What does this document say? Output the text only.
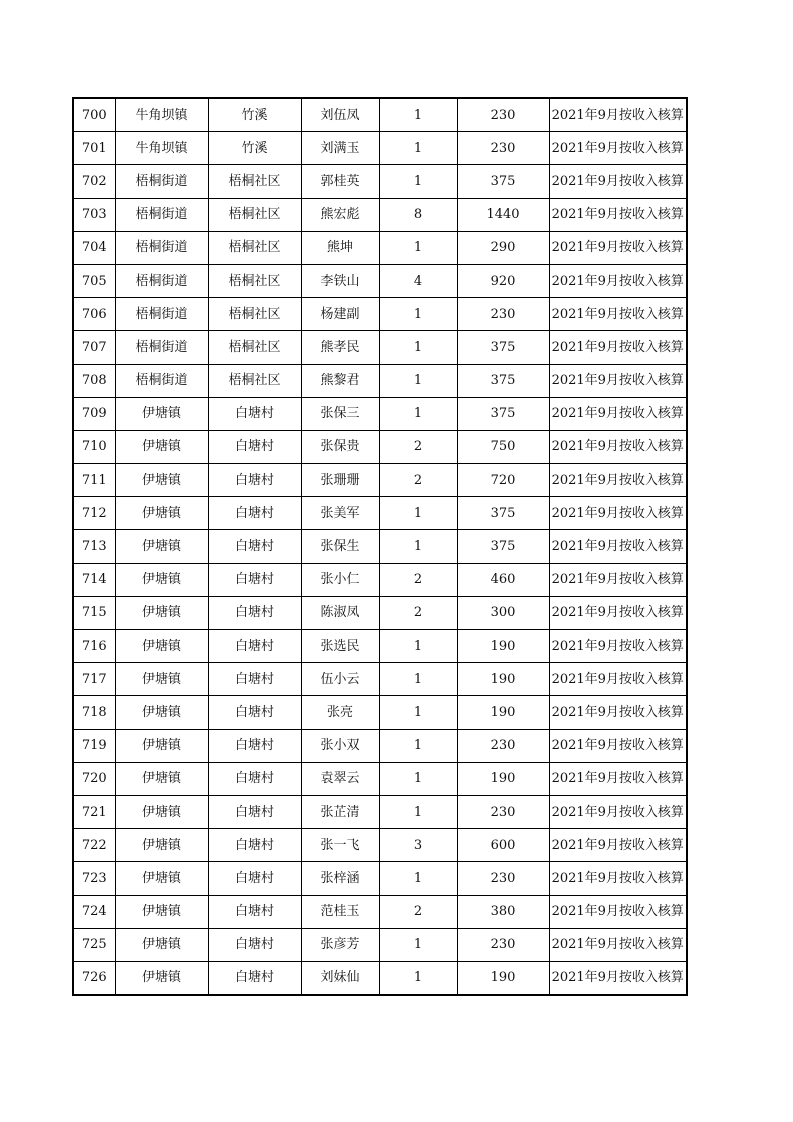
700	牛角坝镇	竹溪	刘伍凤	1	230	2021年9月按收入核算
701	牛角坝镇	竹溪	刘满玉	1	230	2021年9月按收入核算
702	梧桐街道	梧桐社区	郭桂英	1	375	2021年9月按收入核算
703	梧桐街道	梧桐社区	熊宏彪	8	1440	2021年9月按收入核算
704	梧桐街道	梧桐社区	熊坤	1	290	2021年9月按收入核算
705	梧桐街道	梧桐社区	李铁山	4	920	2021年9月按收入核算
706	梧桐街道	梧桐社区	杨建副	1	230	2021年9月按收入核算
707	梧桐街道	梧桐社区	熊孝民	1	375	2021年9月按收入核算
708	梧桐街道	梧桐社区	熊黎君	1	375	2021年9月按收入核算
709	伊塘镇	白塘村	张保三	1	375	2021年9月按收入核算
710	伊塘镇	白塘村	张保贵	2	750	2021年9月按收入核算
711	伊塘镇	白塘村	张珊珊	2	720	2021年9月按收入核算
712	伊塘镇	白塘村	张美军	1	375	2021年9月按收入核算
713	伊塘镇	白塘村	张保生	1	375	2021年9月按收入核算
714	伊塘镇	白塘村	张小仁	2	460	2021年9月按收入核算
715	伊塘镇	白塘村	陈淑凤	2	300	2021年9月按收入核算
716	伊塘镇	白塘村	张选民	1	190	2021年9月按收入核算
717	伊塘镇	白塘村	伍小云	1	190	2021年9月按收入核算
718	伊塘镇	白塘村	张亮	1	190	2021年9月按收入核算
719	伊塘镇	白塘村	张小双	1	230	2021年9月按收入核算
720	伊塘镇	白塘村	袁翠云	1	190	2021年9月按收入核算
721	伊塘镇	白塘村	张芷清	1	230	2021年9月按收入核算
722	伊塘镇	白塘村	张一飞	3	600	2021年9月按收入核算
723	伊塘镇	白塘村	张梓涵	1	230	2021年9月按收入核算
724	伊塘镇	白塘村	范桂玉	2	380	2021年9月按收入核算
725	伊塘镇	白塘村	张彦芳	1	230	2021年9月按收入核算
726	伊塘镇	白塘村	刘妹仙	1	190	2021年9月按收入核算
